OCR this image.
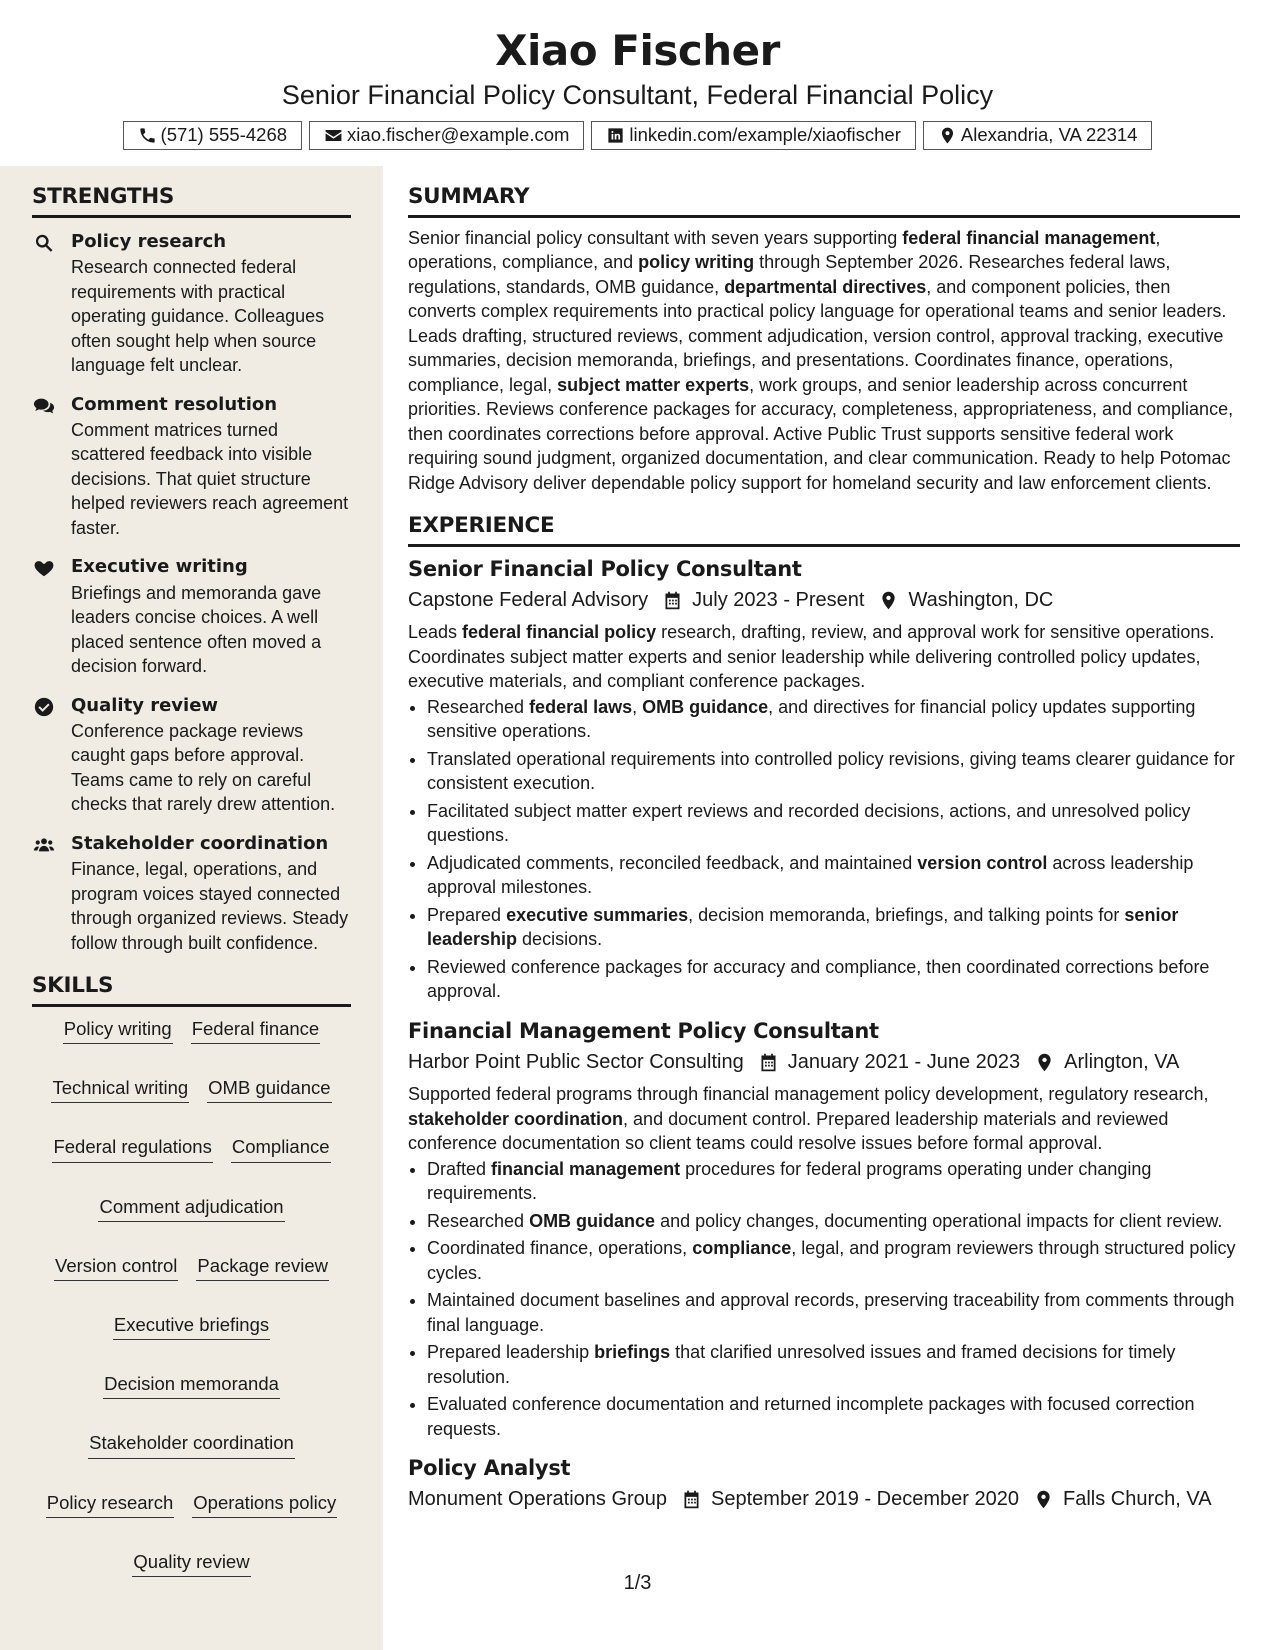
Xiao Fischer
Senior Financial Policy Consultant, Federal Financial Policy
(571) 555-4268	xiao.fischer@example.com	linkedin.com/example/xiaofischer	Alexandria, VA 22314
STRENGTHS
Policy research
Research connected federal requirements with practical operating guidance. Colleagues often sought help when source language felt unclear.
Comment resolution
Comment matrices turned scattered feedback into visible decisions. That quiet structure helped reviewers reach agreement faster.
Executive writing
Briefings and memoranda gave leaders concise choices. A well placed sentence often moved a decision forward.
Quality review
Conference package reviews caught gaps before approval. Teams came to rely on careful checks that rarely drew attention.
Stakeholder coordination
Finance, legal, operations, and program voices stayed connected through organized reviews. Steady follow through built confidence.
SKILLS
Policy writing Federal finance
Technical writing OMB guidance
Federal regulations Compliance
Comment adjudication
Version control Package review
Executive briefings
Decision memoranda
Stakeholder coordination
Policy research Operations policy
Quality review
SUMMARY
Senior financial policy consultant with seven years supporting federal financial management, operations, compliance, and policy writing through September 2026. Researches federal laws, regulations, standards, OMB guidance, departmental directives, and component policies, then converts complex requirements into practical policy language for operational teams and senior leaders. Leads drafting, structured reviews, comment adjudication, version control, approval tracking, executive summaries, decision memoranda, briefings, and presentations. Coordinates finance, operations, compliance, legal, subject matter experts, work groups, and senior leadership across concurrent priorities. Reviews conference packages for accuracy, completeness, appropriateness, and compliance, then coordinates corrections before approval. Active Public Trust supports sensitive federal work requiring sound judgment, organized documentation, and clear communication. Ready to help Potomac Ridge Advisory deliver dependable policy support for homeland security and law enforcement clients.
EXPERIENCE
Senior Financial Policy Consultant
Capstone Federal Advisory July 2023 - Present Washington, DC
Leads federal financial policy research, drafting, review, and approval work for sensitive operations. Coordinates subject matter experts and senior leadership while delivering controlled policy updates, executive materials, and compliant conference packages.
• Researched federal laws, OMB guidance, and directives for financial policy updates supporting sensitive operations.
• Translated operational requirements into controlled policy revisions, giving teams clearer guidance for consistent execution.
• Facilitated subject matter expert reviews and recorded decisions, actions, and unresolved policy questions.
• Adjudicated comments, reconciled feedback, and maintained version control across leadership approval milestones.
• Prepared executive summaries, decision memoranda, briefings, and talking points for senior leadership decisions.
• Reviewed conference packages for accuracy and compliance, then coordinated corrections before approval.
Financial Management Policy Consultant
Harbor Point Public Sector Consulting January 2021 - June 2023 Arlington, VA
Supported federal programs through financial management policy development, regulatory research, stakeholder coordination, and document control. Prepared leadership materials and reviewed conference documentation so client teams could resolve issues before formal approval.
• Drafted financial management procedures for federal programs operating under changing requirements.
• Researched OMB guidance and policy changes, documenting operational impacts for client review.
• Coordinated finance, operations, compliance, legal, and program reviewers through structured policy cycles.
• Maintained document baselines and approval records, preserving traceability from comments through final language.
• Prepared leadership briefings that clarified unresolved issues and framed decisions for timely resolution.
• Evaluated conference documentation and returned incomplete packages with focused correction requests.
Policy Analyst
Monument Operations Group September 2019 - December 2020 Falls Church, VA
1/3
